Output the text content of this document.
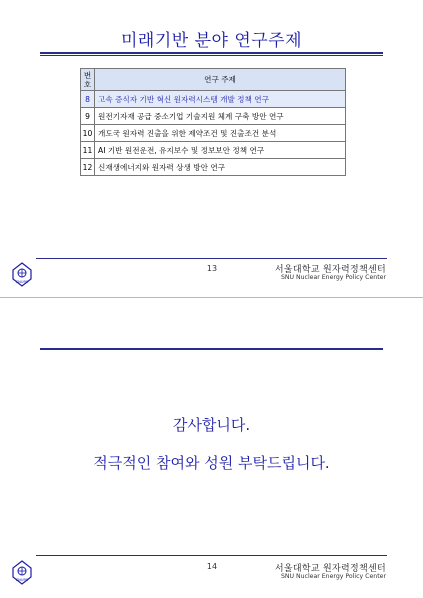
미래기반 분야 연구주제
번호	연구 주제
8	고속 증식자 기반 혁신 원자력시스템 개발 정책 연구
9	원전기자재 공급 중소기업 기술지원 체계 구축 방안 연구
10	개도국 원자력 진출을 위한 제약조건 및 진출조건 분석
11	AI 기반 원전운전, 유지보수 및 정보보안 정책 연구
12	신재생에너지와 원자력 상생 방안 연구
SNUPC
13	서울대학교 원자력정책센터
SNU Nuclear Energy Policy Center
감사합니다.
적극적인 참여와 성원 부탁드립니다.
SNUPC
14	서울대학교 원자력정책센터
SNU Nuclear Energy Policy Center
